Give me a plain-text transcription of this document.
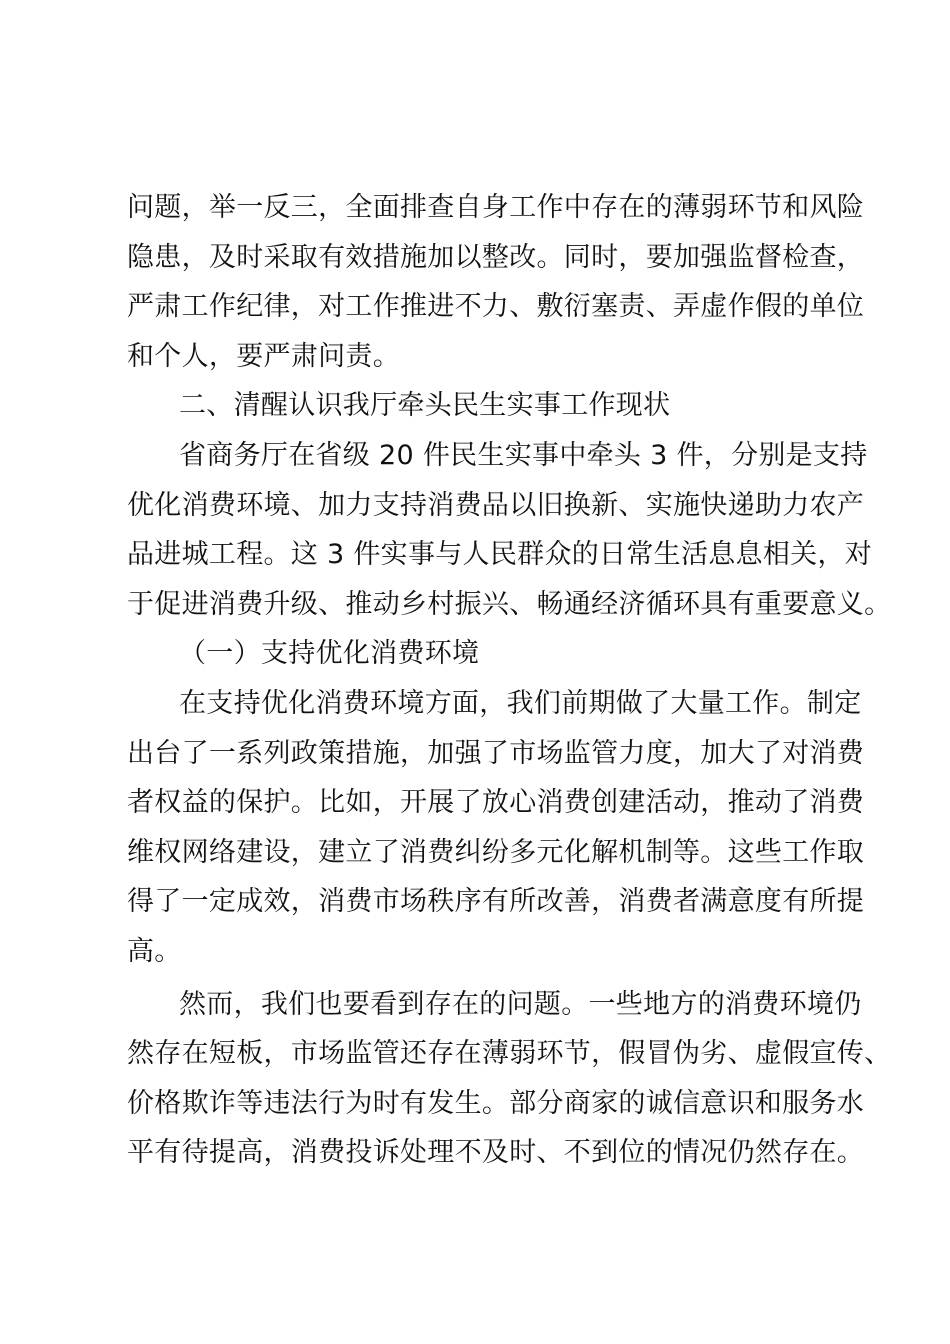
问题，举一反三，全面排查自身工作中存在的薄弱环节和风险
隐患，及时采取有效措施加以整改。同时，要加强监督检查，
严肃工作纪律，对工作推进不力、敷衍塞责、弄虚作假的单位
和个人，要严肃问责。
二、清醒认识我厅牵头民生实事工作现状
省商务厅在省级 20 件民生实事中牵头 3 件，分别是支持
优化消费环境、加力支持消费品以旧换新、实施快递助力农产
品进城工程。这 3 件实事与人民群众的日常生活息息相关，对
于促进消费升级、推动乡村振兴、畅通经济循环具有重要意义。
（一）支持优化消费环境
在支持优化消费环境方面，我们前期做了大量工作。制定
出台了一系列政策措施，加强了市场监管力度，加大了对消费
者权益的保护。比如，开展了放心消费创建活动，推动了消费
维权网络建设，建立了消费纠纷多元化解机制等。这些工作取
得了一定成效，消费市场秩序有所改善，消费者满意度有所提
高。
然而，我们也要看到存在的问题。一些地方的消费环境仍
然存在短板，市场监管还存在薄弱环节，假冒伪劣、虚假宣传、
价格欺诈等违法行为时有发生。部分商家的诚信意识和服务水
平有待提高，消费投诉处理不及时、不到位的情况仍然存在。
